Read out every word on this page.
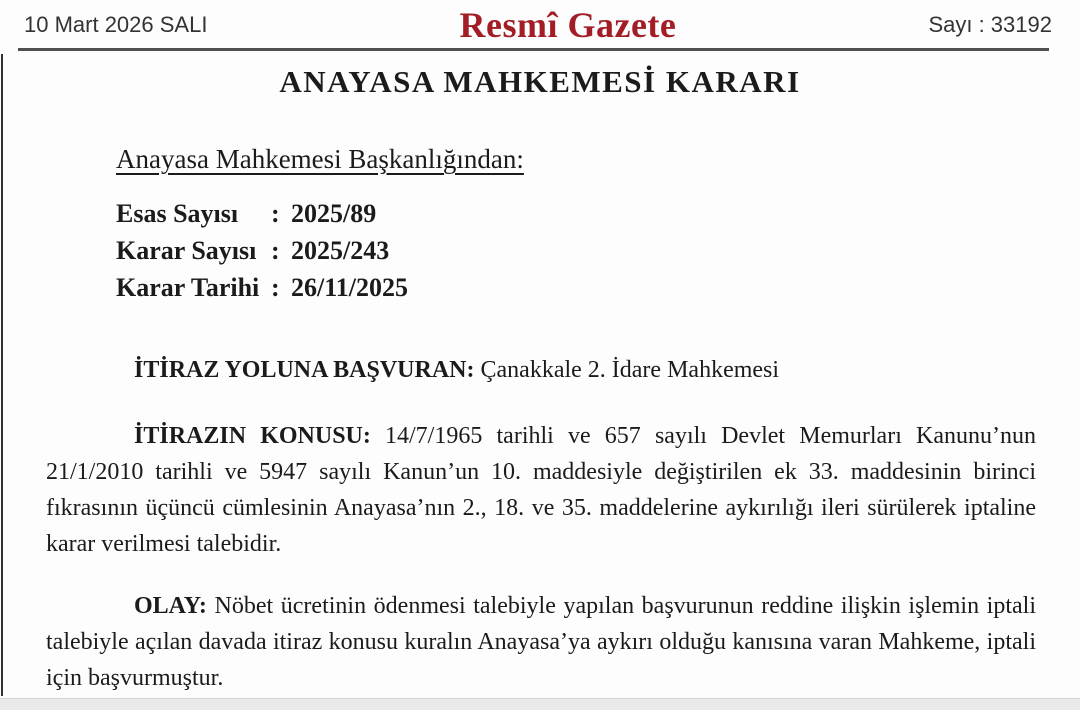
10 Mart 2026 SALI	Resmî Gazete	Sayı : 33192
ANAYASA MAHKEMESİ KARARI
Anayasa Mahkemesi Başkanlığından:
Esas Sayısı	: 2025/89
Karar Sayısı : 2025/243
Karar Tarihi : 26/11/2025

İTİRAZ YOLUNA BAŞVURAN: Çanakkale 2. İdare Mahkemesi

İTİRAZIN KONUSU: 14/7/1965 tarihli ve 657 sayılı Devlet Memurları Kanunu’nun 21/1/2010 tarihli ve 5947 sayılı Kanun’un 10. maddesiyle değiştirilen ek 33. maddesinin birinci fıkrasının üçüncü cümlesinin Anayasa’nın 2., 18. ve 35. maddelerine aykırılığı ileri sürülerek iptaline karar verilmesi talebidir.

OLAY: Nöbet ücretinin ödenmesi talebiyle yapılan başvurunun reddine ilişkin işlemin iptali talebiyle açılan davada itiraz konusu kuralın Anayasa’ya aykırı olduğu kanısına varan Mahkeme, iptali için başvurmuştur.
